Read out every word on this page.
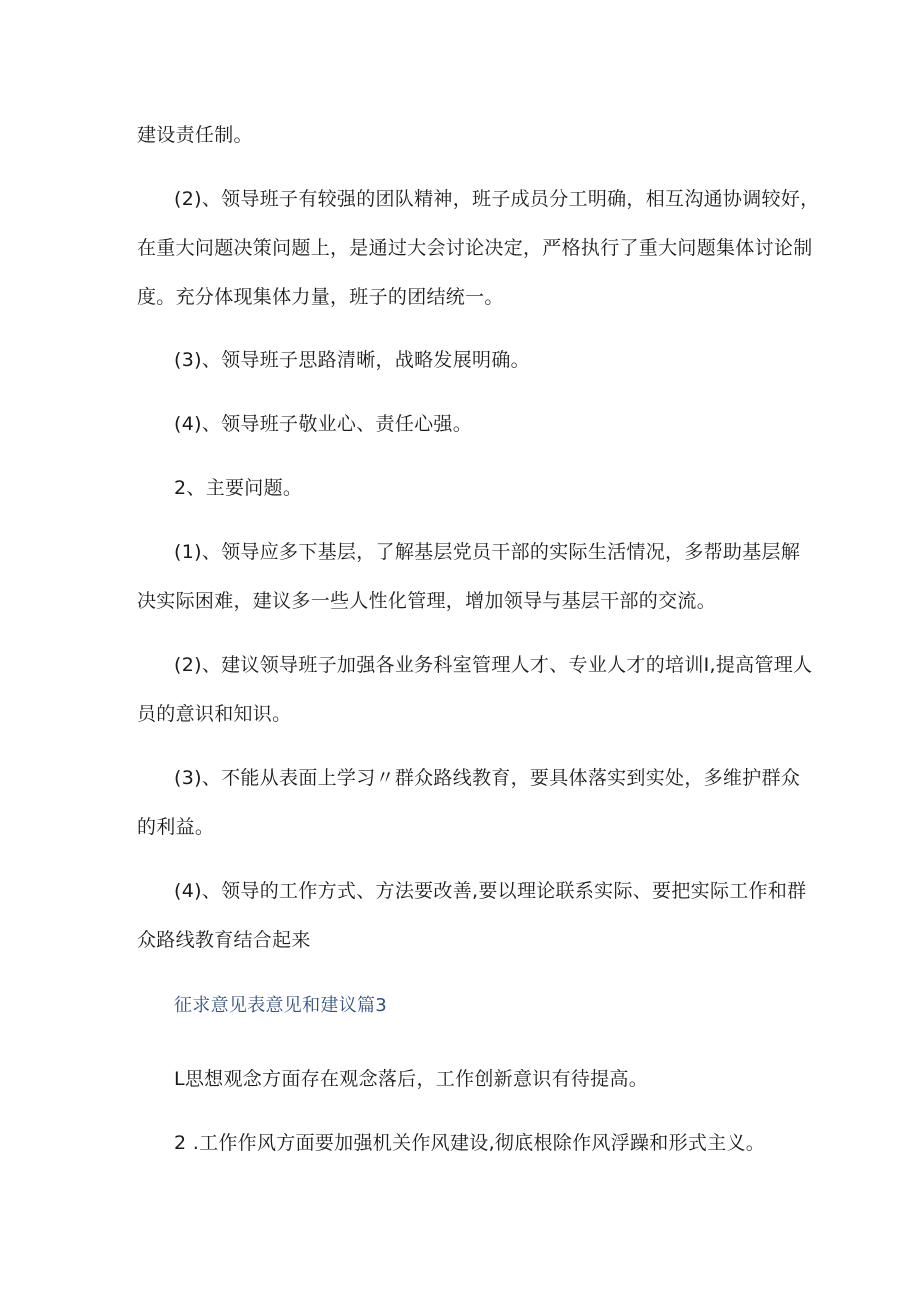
建设责任制。
(2)、领导班子有较强的团队精神，班子成员分工明确，相互沟通协调较好，
在重大问题决策问题上，是通过大会讨论决定，严格执行了重大问题集体讨论制
度。充分体现集体力量，班子的团结统一。
(3)、领导班子思路清晰，战略发展明确。
(4)、领导班子敬业心、责任心强。
2、主要问题。
(1)、领导应多下基层，了解基层党员干部的实际生活情况，多帮助基层解
决实际困难，建议多一些人性化管理，增加领导与基层干部的交流。
(2)、建议领导班子加强各业务科室管理人才、专业人才的培训I,提高管理人
员的意识和知识。
(3)、不能从表面上学习〃群众路线教育，要具体落实到实处，多维护群众
的利益。
(4)、领导的工作方式、方法要改善,要以理论联系实际、要把实际工作和群
众路线教育结合起来
征求意见表意见和建议篇3
L思想观念方面存在观念落后，工作创新意识有待提高。
2 .工作作风方面要加强机关作风建设,彻底根除作风浮躁和形式主义。
